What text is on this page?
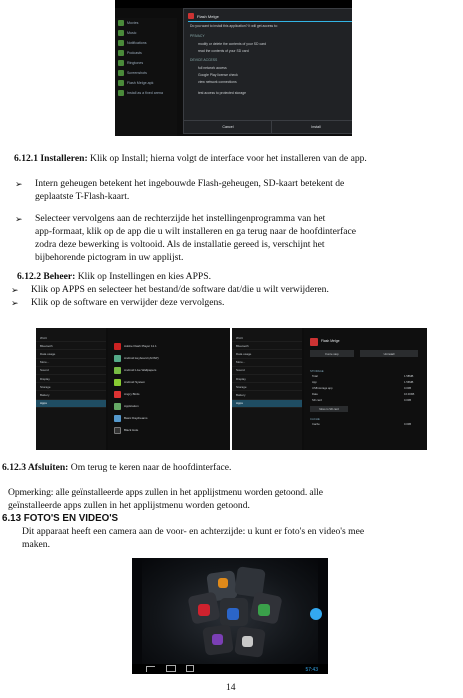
Movies
Music
Notifications
Podcasts
Ringtones
Screenshots
Flash Melge.apk
Install as a fixed arena
Flash Melge
Do you want to install this application? It will get access to:
PRIVACY
modify or delete the contents of your SD card
read the contents of your SD card
DEVICE ACCESS
full network access
Google Play license check
view network connections
test access to protected storage
Cancel	Install
6.12.1 Installeren: Klik op Install; hierna volgt de interface voor het installeren van de app.
➢ Intern geheugen betekent het ingebouwde Flash-geheugen, SD-kaart betekent de
geplaatste T-Flash-kaart.
➢ Selecteer vervolgens aan de rechterzijde het instellingenprogramma van het
app-formaat, klik op de app die u wilt installeren en ga terug naar de hoofdinterface
zodra deze bewerking is voltooid. Als de installatie gereed is, verschijnt het
bijbehorende pictogram in uw applijst.
6.12.2 Beheer: Klik op Instellingen en kies APPS.
➢ Klik op APPS en selecteer het bestand/de software dat/die u wilt verwijderen.
➢ Klik op de software en verwijder deze vervolgens.
Wi-Fi
Bluetooth
Data usage
More...
Sound
Display
Storage
Battery
Apps
Adobe Flash Player 11.1
Android keyboard (AOSP)
Android Live Wallpapers
Android System
Angry Birds
Application
Basic Daydreams
Black Hole
Wi-Fi
Bluetooth
Data usage
More...
Sound
Display
Storage
Battery
Apps
Flash Melge
Force stop	Uninstall
STORAGE
Total	1.58MB
App	1.56MB
USB storage app	0.00B
Data	16.00KB
SD card	0.00B
Move to SD card
CACHE
Cache	0.00B
6.12.3 Afsluiten: Om terug te keren naar de hoofdinterface.
Opmerking: alle geïnstalleerde apps zullen in het applijstmenu worden getoond. alle
geïnstalleerde apps zullen in het applijstmenu worden getoond.
6.13 FOTO'S EN VIDEO'S
Dit apparaat heeft een camera aan de voor- en achterzijde: u kunt er foto's en video's mee
maken.
57:43
14
